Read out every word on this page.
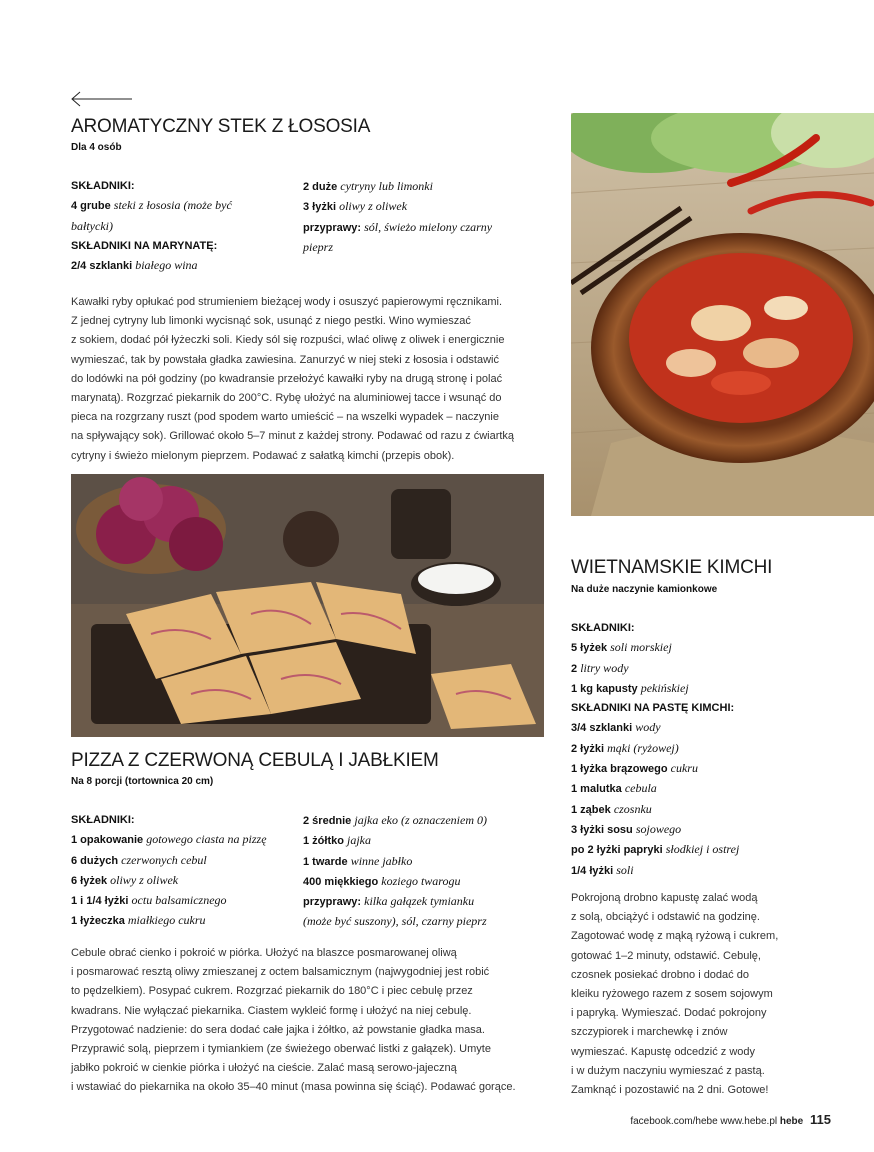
AROMATYCZNY STEK Z ŁOSOSIA
Dla 4 osób

SKŁADNIKI:

4 grube steki z łososia (może być

bałtycki)

SKŁADNIKI NA MARYNATĘ:

2/4 szklanki białego wina

2 duże cytryny lub limonki

3 łyżki oliwy z oliwek

przyprawy: sól, świeżo mielony czarny

pieprz

Kawałki ryby opłukać pod strumieniem bieżącej wody i osuszyć papierowymi ręcznikami.

Z jednej cytryny lub limonki wycisnąć sok, usunąć z niego pestki. Wino wymieszać

z sokiem, dodać pół łyżeczki soli. Kiedy sól się rozpuści, wlać oliwę z oliwek i energicznie

wymieszać, tak by powstała gładka zawiesina. Zanurzyć w niej steki z łososia i odstawić

do lodówki na pół godziny (po kwadransie przełożyć kawałki ryby na drugą stronę i polać

marynatą). Rozgrzać piekarnik do 200°C. Rybę ułożyć na aluminiowej tacce i wsunąć do

pieca na rozgrzany ruszt (pod spodem warto umieścić – na wszelki wypadek – naczynie

na spływający sok). Grillować około 5–7 minut z każdej strony. Podawać od razu z ćwiartką

cytryny i świeżo mielonym pieprzem. Podawać z sałatką kimchi (przepis obok).

PIZZA Z CZERWONĄ CEBULĄ I JABŁKIEM
Na 8 porcji (tortownica 20 cm)

SKŁADNIKI:

1 opakowanie gotowego ciasta na pizzę

6 dużych czerwonych cebul

6 łyżek oliwy z oliwek

1 i 1/4 łyżki octu balsamicznego

1 łyżeczka miałkiego cukru

2 średnie jajka eko (z oznaczeniem 0)

1 żółtko jajka

1 twarde winne jabłko

400 miękkiego koziego twarogu

przyprawy: kilka gałązek tymianku

(może być suszony), sól, czarny pieprz

Cebule obrać cienko i pokroić w piórka. Ułożyć na blaszce posmarowanej oliwą

i posmarować resztą oliwy zmieszanej z octem balsamicznym (najwygodniej jest robić

to pędzelkiem). Posypać cukrem. Rozgrzać piekarnik do 180°C i piec cebulę przez

kwadrans. Nie wyłączać piekarnika. Ciastem wykleić formę i ułożyć na niej cebulę.

Przygotować nadzienie: do sera dodać całe jajka i żółtko, aż powstanie gładka masa.

Przyprawić solą, pieprzem i tymiankiem (ze świeżego oberwać listki z gałązek). Umyte

jabłko pokroić w cienkie piórka i ułożyć na cieście. Zalać masą serowo-jajeczną

i wstawiać do piekarnika na około 35–40 minut (masa powinna się ściąć). Podawać gorące.

WIETNAMSKIE KIMCHI
Na duże naczynie kamionkowe

SKŁADNIKI:

5 łyżek soli morskiej

2 litry wody

1 kg kapusty pekińskiej

SKŁADNIKI NA PASTĘ KIMCHI:

3/4 szklanki wody

2 łyżki mąki (ryżowej)

1 łyżka brązowego cukru

1 malutka cebula

1 ząbek czosnku

3 łyżki sosu sojowego

po 2 łyżki papryki słodkiej i ostrej

1/4 łyżki soli

Pokrojoną drobno kapustę zalać wodą

z solą, obciążyć i odstawić na godzinę.

Zagotować wodę z mąką ryżową i cukrem,

gotować 1–2 minuty, odstawić. Cebulę,

czosnek posiekać drobno i dodać do

kleiku ryżowego razem z sosem sojowym

i papryką. Wymieszać. Dodać pokrojony

szczypiorek i marchewkę i znów

wymieszać. Kapustę odcedzić z wody

i w dużym naczyniu wymieszać z pastą.

Zamknąć i pozostawić na 2 dni. Gotowe!

facebook.com/hebe www.hebe.pl hebe 115
